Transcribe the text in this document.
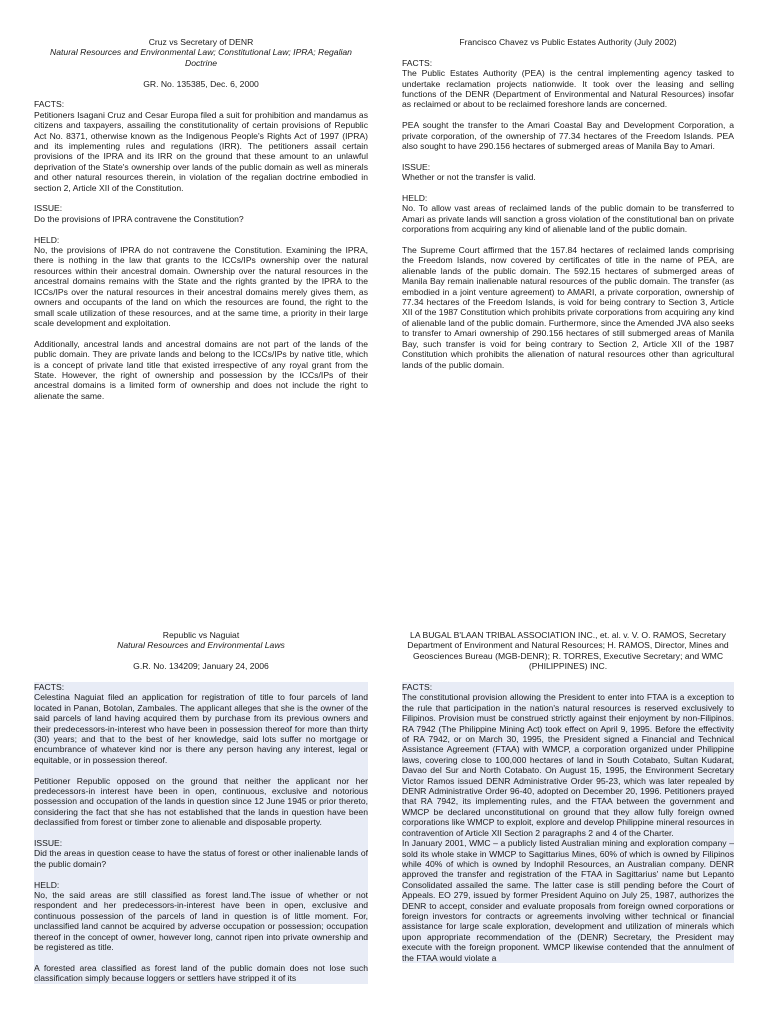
Cruz vs Secretary of DENR
Natural Resources and Environmental Law; Constitutional Law; IPRA; Regalian Doctrine
GR. No. 135385, Dec. 6, 2000
FACTS:
Petitioners Isagani Cruz and Cesar Europa filed a suit for prohibition and mandamus as citizens and taxpayers, assailing the constitutionality of certain provisions of Republic Act No. 8371, otherwise known as the Indigenous People's Rights Act of 1997 (IPRA) and its implementing rules and regulations (IRR). The petitioners assail certain provisions of the IPRA and its IRR on the ground that these amount to an unlawful deprivation of the State's ownership over lands of the public domain as well as minerals and other natural resources therein, in violation of the regalian doctrine embodied in section 2, Article XII of the Constitution.
ISSUE:
Do the provisions of IPRA contravene the Constitution?
HELD:
No, the provisions of IPRA do not contravene the Constitution. Examining the IPRA, there is nothing in the law that grants to the ICCs/IPs ownership over the natural resources within their ancestral domain. Ownership over the natural resources in the ancestral domains remains with the State and the rights granted by the IPRA to the ICCs/IPs over the natural resources in their ancestral domains merely gives them, as owners and occupants of the land on which the resources are found, the right to the small scale utilization of these resources, and at the same time, a priority in their large scale development and exploitation.
Additionally, ancestral lands and ancestral domains are not part of the lands of the public domain. They are private lands and belong to the ICCs/IPs by native title, which is a concept of private land title that existed irrespective of any royal grant from the State. However, the right of ownership and possession by the ICCs/IPs of their ancestral domains is a limited form of ownership and does not include the right to alienate the same.
Francisco Chavez vs Public Estates Authority (July 2002)
FACTS:
The Public Estates Authority (PEA) is the central implementing agency tasked to undertake reclamation projects nationwide. It took over the leasing and selling functions of the DENR (Department of Environmental and Natural Resources) insofar as reclaimed or about to be reclaimed foreshore lands are concerned.
PEA sought the transfer to the Amari Coastal Bay and Development Corporation, a private corporation, of the ownership of 77.34 hectares of the Freedom Islands. PEA also sought to have 290.156 hectares of submerged areas of Manila Bay to Amari.
ISSUE:
Whether or not the transfer is valid.
HELD:
No. To allow vast areas of reclaimed lands of the public domain to be transferred to Amari as private lands will sanction a gross violation of the constitutional ban on private corporations from acquiring any kind of alienable land of the public domain.
The Supreme Court affirmed that the 157.84 hectares of reclaimed lands comprising the Freedom Islands, now covered by certificates of title in the name of PEA, are alienable lands of the public domain. The 592.15 hectares of submerged areas of Manila Bay remain inalienable natural resources of the public domain. The transfer (as embodied in a joint venture agreement) to AMARI, a private corporation, ownership of 77.34 hectares of the Freedom Islands, is void for being contrary to Section 3, Article XII of the 1987 Constitution which prohibits private corporations from acquiring any kind of alienable land of the public domain. Furthermore, since the Amended JVA also seeks to transfer to Amari ownership of 290.156 hectares of still submerged areas of Manila Bay, such transfer is void for being contrary to Section 2, Article XII of the 1987 Constitution which prohibits the alienation of natural resources other than agricultural lands of the public domain.
Republic vs Naguiat
Natural Resources and Environmental Laws
G.R. No. 134209; January 24, 2006
FACTS:
Celestina Naguiat filed an application for registration of title to four parcels of land located in Panan, Botolan, Zambales. The applicant alleges that she is the owner of the said parcels of land having acquired them by purchase from its previous owners and their predecessors-in-interest who have been in possession thereof for more than thirty (30) years; and that to the best of her knowledge, said lots suffer no mortgage or encumbrance of whatever kind nor is there any person having any interest, legal or equitable, or in possession thereof.
Petitioner Republic opposed on the ground that neither the applicant nor her predecessors-in interest have been in open, continuous, exclusive and notorious possession and occupation of the lands in question since 12 June 1945 or prior thereto, considering the fact that she has not established that the lands in question have been declassified from forest or timber zone to alienable and disposable property.
ISSUE:
Did the areas in question cease to have the status of forest or other inalienable lands of the public domain?
HELD:
No, the said areas are still classified as forest land.The issue of whether or not respondent and her predecessors-in-interest have been in open, exclusive and continuous possession of the parcels of land in question is of little moment. For, unclassified land cannot be acquired by adverse occupation or possession; occupation thereof in the concept of owner, however long, cannot ripen into private ownership and be registered as title.
A forested area classified as forest land of the public domain does not lose such classification simply because loggers or settlers have stripped it of its
LA BUGAL B'LAAN TRIBAL ASSOCIATION INC., et. al. v. V. O. RAMOS, Secretary Department of Environment and Natural Resources; H. RAMOS, Director, Mines and Geosciences Bureau (MGB-DENR); R. TORRES, Executive Secretary; and WMC (PHILIPPINES) INC.
FACTS:
The constitutional provision allowing the President to enter into FTAA is a exception to the rule that participation in the nation's natural resources is reserved exclusively to Filipinos. Provision must be construed strictly against their enjoyment by non-Filipinos. RA 7942 (The Philippine Mining Act) took effect on April 9, 1995. Before the effectivity of RA 7942, or on March 30, 1995, the President signed a Financial and Technical Assistance Agreement (FTAA) with WMCP, a corporation organized under Philippine laws, covering close to 100,000 hectares of land in South Cotabato, Sultan Kudarat, Davao del Sur and North Cotabato. On August 15, 1995, the Environment Secretary Victor Ramos issued DENR Administrative Order 95-23, which was later repealed by DENR Administrative Order 96-40, adopted on December 20, 1996. Petitioners prayed that RA 7942, its implementing rules, and the FTAA between the government and WMCP be declared unconstitutional on ground that they allow fully foreign owned corporations like WMCP to exploit, explore and develop Philippine mineral resources in contravention of Article XII Section 2 paragraphs 2 and 4 of the Charter.
In January 2001, WMC – a publicly listed Australian mining and exploration company – sold its whole stake in WMCP to Sagittarius Mines, 60% of which is owned by Filipinos while 40% of which is owned by Indophil Resources, an Australian company. DENR approved the transfer and registration of the FTAA in Sagittarius' name but Lepanto Consolidated assailed the same. The latter case is still pending before the Court of Appeals. EO 279, issued by former President Aquino on July 25, 1987, authorizes the DENR to accept, consider and evaluate proposals from foreign owned corporations or foreign investors for contracts or agreements involving wither technical or financial assistance for large scale exploration, development and utilization of minerals which upon appropriate recommendation of the (DENR) Secretary, the President may execute with the foreign proponent. WMCP likewise contended that the annulment of the FTAA would violate a
